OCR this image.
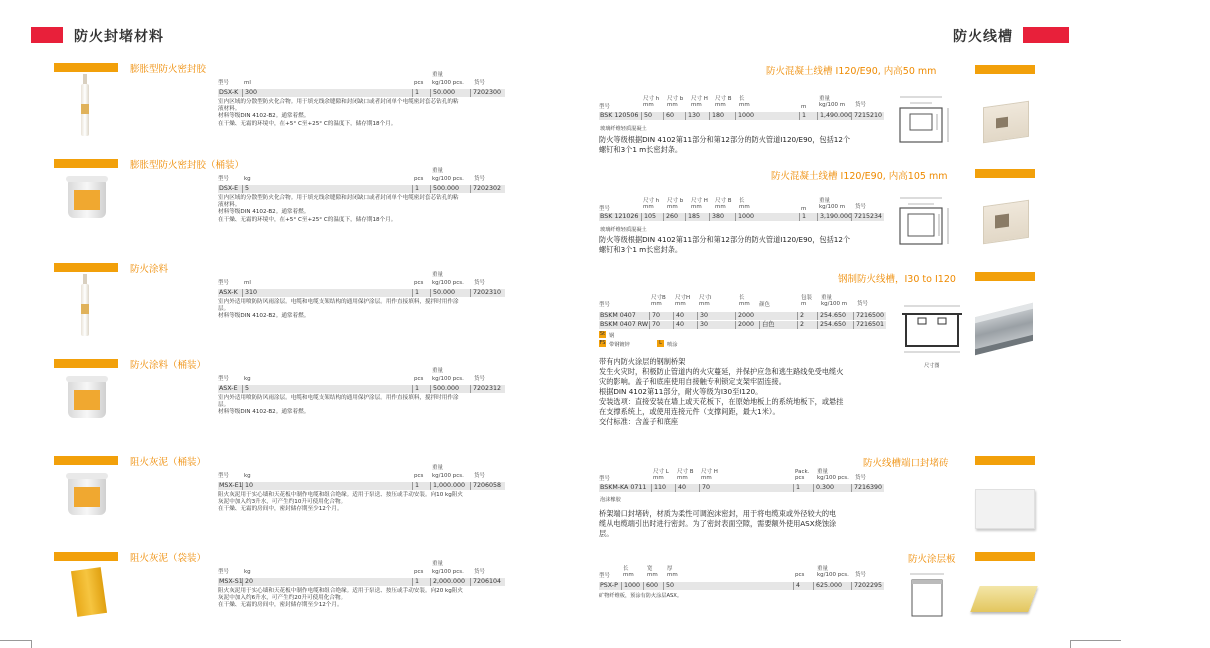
防火封堵材料	防火线槽
膨胀型防火密封胶	重量
型号	ml	pcs kg/100 pcs. 货号
DSX-K	300	1	50.000	7202300
室内区域的分散型防火化合物。用于填充线余缝隙和封闭缺口或者封闭单个电缆密封套芯钻孔的粘
液材料。
材料等级DIN 4102-B2。通常着燃。
在干燥、无霜的环境中，在+5° C至+25° C的温度下，储存期18个月。
膨胀型防火密封胶（桶装）	重量
型号	kg	pcs kg/100 pcs. 货号
DSX-E	5	1	500.000	7202302
室内区域的分散型防火化合物。用于填充线余缝隙和封闭缺口或者封闭单个电缆密封套芯钻孔的粘
液材料。
材料等级DIN 4102-B2。通常着燃。
在干燥、无霜的环境中，在+5° C至+25° C的温度下，储存期18个月。
防火涂料	重量
型号	ml	pcs kg/100 pcs. 货号
ASX-K	310	1	50.000	7202310
室内外适用喷防防风雨涂层。电缆和电缆支架结构的通用保护涂层。用作直接填料，搅拌时用作涂
层。
材料等级DIN 4102-B2。通常着燃。
防火涂料（桶装）	重量
型号	kg	pcs kg/100 pcs. 货号
ASX-E	5	1	500.000	7202312
室内外适用喷防防风雨涂层。电缆和电缆支架结构的通用保护涂层。用作直接填料，搅拌时用作涂
层。
材料等级DIN 4102-B2。通常着燃。
阻火灰泥（桶装）	重量
型号	kg	pcs kg/100 pcs. 货号
MSX-E1 10	1	1,000.000	7206058
阻火灰泥用于实心墙和天花板中制作电缆和组合绝缘。适用于泵送、按压或手动安装。向10 kg阻火
灰泥中加入约3升水，可产生约10升可使用化合物。
在干燥、无霜的房间中，密封储存期至少12个月。
阻火灰泥（袋装）	重量
型号	kg	pcs kg/100 pcs. 货号
MSX-S1 20	1	2,000.000	7206104
阻火灰泥用于实心墙和天花板中制作电缆和组合绝缘。适用于泵送、按压或手动安装。向20 kg阻火
灰泥中加入约6升水，可产生约20升可使用化合物。
在干燥、无霜的房间中，密封储存期至少12个月。
防火混凝土线槽 I120/E90, 内高50 mm
尺寸 h 尺寸 b 尺寸 H 尺寸 B 长	重量
型号	mm mm mm mm mm	m kg/100 m 货号
BSK 120506 50	60	130	180	1000	1	1,490.000 7215210
玻璃纤维轻质混凝土
防火等级根据DIN 4102第11部分和第12部分的防火管道I120/E90，包括12个
螺钉和3个1 m长密封条。
防火混凝土线槽 I120/E90, 内高105 mm
尺寸 h 尺寸 b 尺寸 H 尺寸 B 长	重量
型号	mm mm mm mm mm	m kg/100 m 货号
BSK 121026 105	260	185	380	1000	1	3,190.000 7215234
玻璃纤维轻质混凝土
防火等级根据DIN 4102第11部分和第12部分的防火管道I120/E90，包括12个
螺钉和3个1 m长密封条。
钢制防火线槽，I30 to I120
尺寸B 尺寸H 尺寸i	长
颜色
包装 重量
型号	mm mm mm	mm	m	kg/100 m 货号
BSKM 0407	70	40	30	2000	2	254.650	7216500
BSKM 0407 RW 70	40	30	2000	白色	2	254.650	7216501
St 钢
FS 带钢镀锌	L 喷涂
带有内防火涂层的钢制桥架
发生火灾时，积极防止管道内的火灾蔓延，并保护应急和逃生路线免受电缆火
灾的影响。盖子和底座使用自接触专利锁定支架牢固连接。
根据DIN 4102第11部分，耐火等级为I30至I120。
安装选项：直接安装在墙上或天花板下，在原始地板上的系统地板下，或悬挂
在支撑系统上，或使用连接元件（支撑间距，最大1米）。
交付标准：含盖子和底座
尺寸图
防火线槽端口封堵砖
尺寸 L 尺寸 B 尺寸 H	Pack. 重量
型号	mm mm mm	pcs kg/100 pcs. 货号
BSKM-KA 0711	110	40	70	1	0.300	7216390
泡沫橡胶
桥架端口封堵砖，材质为柔性可调泡沫密封，用于将电缆束或外径较大的电
缆从电缆端引出时进行密封。为了密封表面空隙，需要额外使用ASX烧蚀涂
层。
防火涂层板
长	宽	厚	重量
型号 mm mm mm	pcs kg/100 pcs. 货号
PSX-P 1000 600	50	4	625.000	7202295
矿物纤维板，预涂有防火涂层ASX。
